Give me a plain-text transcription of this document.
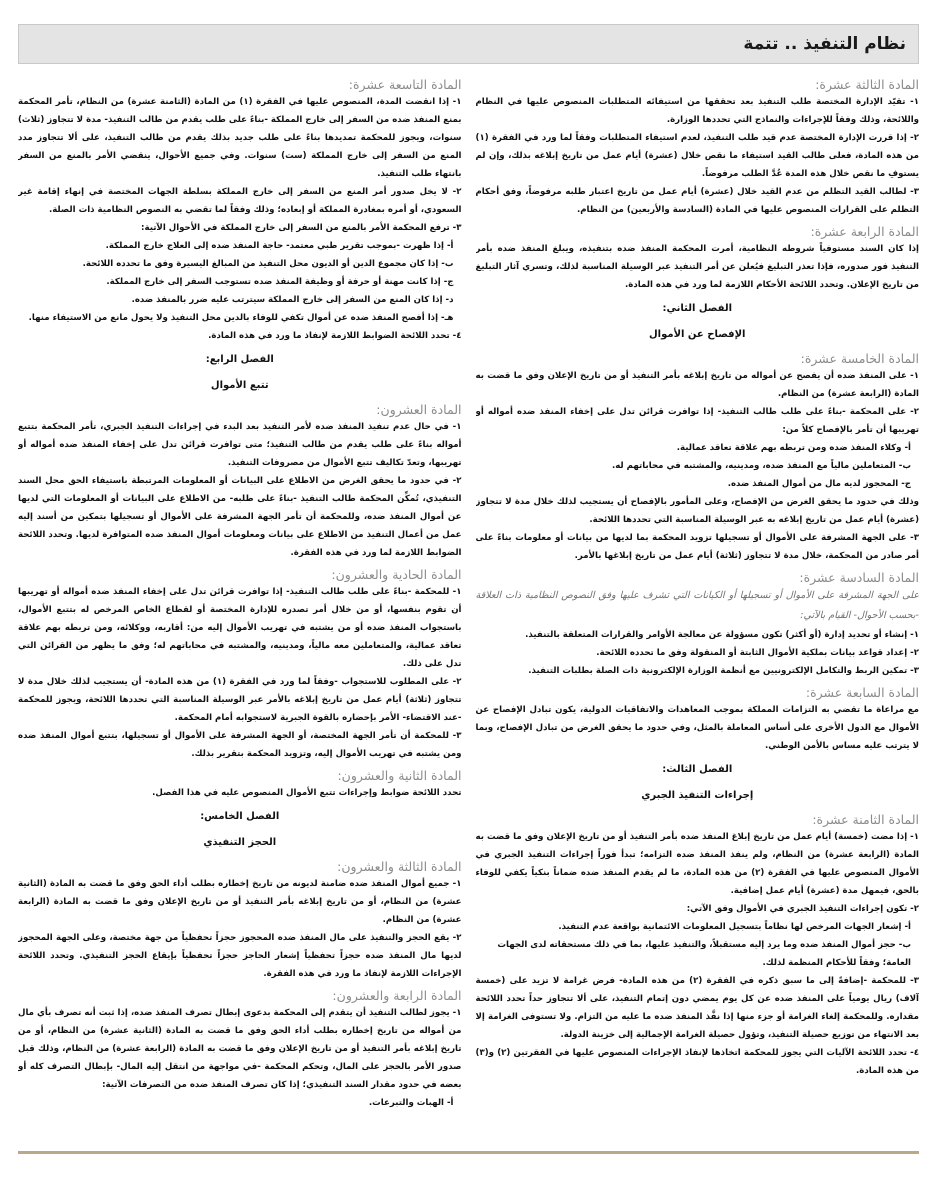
نظام التنفيذ .. تتمة
المادة الثالثة عشرة:

١- تقيّد الإدارة المختصة طلب التنفيذ بعد تحققها من استيفائه المتطلبات المنصوص عليها في النظام واللائحة، وذلك وفقاً للإجراءات والنماذج التي تحددها الوزارة.

٢- إذا قررت الإدارة المختصة عدم قيد طلب التنفيذ، لعدم استيفاء المتطلبات وفقاً لما ورد في الفقرة (١) من هذه المادة، فعلى طالب القيد استيفاء ما نقص خلال (عشرة) أيام عمل من تاريخ إبلاغه بذلك، وإن لم يستوفِ ما نقص خلال هذه المدة عُدَّ الطلب مرفوضاً.

٣- لطالب القيد التظلم من عدم القيد خلال (عشرة) أيام عمل من تاريخ اعتبار طلبه مرفوضاً، وفق أحكام التظلم على القرارات المنصوص عليها في المادة (السادسة والأربعين) من النظام.

المادة الرابعة عشرة:

إذا كان السند مستوفياً شروطه النظامية، أمرت المحكمة المنفذ ضده بتنفيذه، ويبلغ المنفذ ضده بأمر التنفيذ فور صدوره، فإذا تعذر التبليغ فيُعلن عن أمر التنفيذ عبر الوسيلة المناسبة لذلك، وتسري آثار التبليغ من تاريخ الإعلان. وتحدد اللائحة الأحكام اللازمة لما ورد في هذه المادة.

الفصل الثاني:
الإفصاح عن الأموال
المادة الخامسة عشرة:

١- على المنفذ ضده أن يفصح عن أمواله من تاريخ إبلاغه بأمر التنفيذ أو من تاريخ الإعلان وفق ما قضت به المادة (الرابعة عشرة) من النظام.

٢- على المحكمة -بناءً على طلب طالب التنفيذ- إذا توافرت قرائن تدل على إخفاء المنفذ ضده أمواله أو تهريبها أن تأمر بالإفصاح كلاً من:

أ- وكلاء المنفذ ضده ومن تربطه بهم علاقة تعاقد عمالية.

ب- المتعاملين مالياً مع المنفذ ضده، ومدينيه، والمشتبه في محاباتهم له.

ج- المحجوز لديه مال من أموال المنفذ ضده.

وذلك في حدود ما يحقق الغرض من الإفصاح، وعلى المأمور بالإفصاح أن يستجيب لذلك خلال مدة لا تتجاوز (عشرة) أيام عمل من تاريخ إبلاغه به عبر الوسيلة المناسبة التي تحددها اللائحة.

٣- على الجهة المشرفة على الأموال أو تسجيلها تزويد المحكمة بما لديها من بيانات أو معلومات بناءً على أمر صادر من المحكمة، خلال مدة لا تتجاوز (ثلاثة) أيام عمل من تاريخ إبلاغها بالأمر.

المادة السادسة عشرة:

على الجهة المشرفة على الأموال أو تسجيلها أو الكيانات التي تشرف عليها وفق النصوص النظامية ذات العلاقة -بحسب الأحوال- القيام بالآتي:

١- إنشاء أو تحديد إدارة (أو أكثر) تكون مسؤولة عن معالجة الأوامر والقرارات المتعلقة بالتنفيذ.

٢- إعداد قواعد بيانات بملكية الأموال الثابتة أو المنقولة وفق ما تحدده اللائحة.

٣- تمكين الربط والتكامل الإلكترونيين مع أنظمة الوزارة الإلكترونية ذات الصلة بطلبات التنفيذ.

المادة السابعة عشرة:

مع مراعاة ما تقضي به التزامات المملكة بموجب المعاهدات والاتفاقيات الدولية، يكون تبادل الإفصاح عن الأموال مع الدول الأخرى على أساس المعاملة بالمثل، وفي حدود ما يحقق الغرض من تبادل الإفصاح، وبما لا يترتب عليه مساس بالأمن الوطني.

الفصل الثالث:
إجراءات التنفيذ الجبري
المادة الثامنة عشرة:

١- إذا مضت (خمسة) أيام عمل من تاريخ إبلاغ المنفذ ضده بأمر التنفيذ أو من تاريخ الإعلان وفق ما قضت به المادة (الرابعة عشرة) من النظام، ولم ينفذ المنفذ ضده التزامه؛ تبدأ فوراً إجراءات التنفيذ الجبري في الأموال المنصوص عليها في الفقرة (٢) من هذه المادة، ما لم يقدم المنفذ ضده ضماناً بنكياً يكفي للوفاء بالحق، فيمهل مدة (عشرة) أيام عمل إضافية.

٢- تكون إجراءات التنفيذ الجبري في الأموال وفق الآتي:

أ- إشعار الجهات المرخص لها نظاماً بتسجيل المعلومات الائتمانية بواقعة عدم التنفيذ.

ب- حجز أموال المنفذ ضده وما يرد إليه مستقبلاً، والتنفيذ عليها، بما في ذلك مستحقاته لدى الجهات العامة؛ وفقاً للأحكام المنظمة لذلك.

٣- للمحكمة -إضافةً إلى ما سبق ذكره في الفقرة (٢) من هذه المادة- فرض غرامة لا تزيد على (خمسة آلاف) ريال يومياً على المنفذ ضده عن كل يوم يمضي دون إتمام التنفيذ، على ألا تتجاوز حداً تحدد اللائحة مقداره. وللمحكمة إلغاء الغرامة أو جزء منها إذا نفَّذ المنفذ ضده ما عليه من التزام. ولا تستوفى الغرامة إلا بعد الانتهاء من توزيع حصيلة التنفيذ، وتؤول حصيلة الغرامة الإجمالية إلى خزينة الدولة.

٤- تحدد اللائحة الآليات التي يجوز للمحكمة اتخاذها لإنفاذ الإجراءات المنصوص عليها في الفقرتين (٢) و(٣) من هذه المادة.

المادة التاسعة عشرة:

١- إذا انقضت المدة، المنصوص عليها في الفقرة (١) من المادة (الثامنة عشرة) من النظام، تأمر المحكمة بمنع المنفذ ضده من السفر إلى خارج المملكة -بناءً على طلب يقدم من طالب التنفيذ- مدة لا تتجاوز (ثلاث) سنوات، ويجوز للمحكمة تمديدها بناءً على طلب جديد بذلك يقدم من طالب التنفيذ، على ألا تتجاوز مدد المنع من السفر إلى خارج المملكة (ست) سنوات. وفي جميع الأحوال، ينقضي الأمر بالمنع من السفر بانتهاء طلب التنفيذ.

٢- لا يخل صدور أمر المنع من السفر إلى خارج المملكة بسلطة الجهات المختصة في إنهاء إقامة غير السعودي، أو أمره بمغادرة المملكة أو إبعاده؛ وذلك وفقاً لما تقضي به النصوص النظامية ذات الصلة.

٣- ترفع المحكمة الأمر بالمنع من السفر إلى خارج المملكة في الأحوال الآتية:

أ- إذا ظهرت -بموجب تقرير طبي معتمد- حاجة المنفذ ضده إلى العلاج خارج المملكة.

ب- إذا كان مجموع الدين أو الديون محل التنفيذ من المبالغ اليسيرة وفق ما تحدده اللائحة.

ج- إذا كانت مهنة أو حرفة أو وظيفة المنفذ ضده تستوجب السفر إلى خارج المملكة.

د- إذا كان المنع من السفر إلى خارج المملكة سيترتب عليه ضرر بالمنفذ ضده.

هـ- إذا أفصح المنفذ ضده عن أموال تكفي للوفاء بالدين محل التنفيذ ولا يحول مانع من الاستيفاء منها.

٤- تحدد اللائحة الضوابط اللازمة لإنفاذ ما ورد في هذه المادة.

الفصل الرابع:
تتبع الأموال
المادة العشرون:

١- في حال عدم تنفيذ المنفذ ضده لأمر التنفيذ بعد البدء في إجراءات التنفيذ الجبري، تأمر المحكمة بتتبع أمواله بناءً على طلب يقدم من طالب التنفيذ؛ متى توافرت قرائن تدل على إخفاء المنفذ ضده أمواله أو تهريبها، وتعدّ تكاليف تتبع الأموال من مصروفات التنفيذ.

٢- في حدود ما يحقق الغرض من الاطلاع على البيانات أو المعلومات المرتبطة باستيفاء الحق محل السند التنفيذي، تُمكِّن المحكمة طالب التنفيذ -بناءً على طلبه- من الاطلاع على البيانات أو المعلومات التي لديها عن أموال المنفذ ضده، وللمحكمة أن تأمر الجهة المشرفة على الأموال أو تسجيلها بتمكين من أسند إليه عمل من أعمال التنفيذ من الاطلاع على بيانات ومعلومات أموال المنفذ ضده المتوافرة لديها. وتحدد اللائحة الضوابط اللازمة لما ورد في هذه الفقرة.

المادة الحادية والعشرون:

١- للمحكمة -بناءً على طلب طالب التنفيذ- إذا توافرت قرائن تدل على إخفاء المنفذ ضده أمواله أو تهريبها أن تقوم بنفسها، أو من خلال أمر تصدره للإدارة المختصة أو لقطاع الخاص المرخص له بتتبع الأموال، باستجواب المنفذ ضده أو من يشتبه في تهريب الأموال إليه من: أقاربه، ووكلائه، ومن تربطه بهم علاقة تعاقد عمالية، والمتعاملين معه مالياً، ومدينيه، والمشتبه في محاباتهم له؛ وفق ما يظهر من القرائن التي تدل على ذلك.

٢- على المطلوب للاستجواب -وفقاً لما ورد في الفقرة (١) من هذه المادة- أن يستجيب لذلك خلال مدة لا تتجاوز (ثلاثة) أيام عمل من تاريخ إبلاغه بالأمر عبر الوسيلة المناسبة التي تحددها اللائحة، ويجوز للمحكمة -عند الاقتضاء- الأمر بإحضاره بالقوة الجبرية لاستجوابه أمام المحكمة.

٣- للمحكمة أن تأمر الجهة المختصة، أو الجهة المشرفة على الأموال أو تسجيلها، بتتبع أموال المنفذ ضده ومن يشتبه في تهريب الأموال إليه، وتزويد المحكمة بتقرير بذلك.

المادة الثانية والعشرون:

تحدد اللائحة ضوابط وإجراءات تتبع الأموال المنصوص عليه في هذا الفصل.

الفصل الخامس:
الحجز التنفيذي
المادة الثالثة والعشرون:

١- جميع أموال المنفذ ضده ضامنة لديونه من تاريخ إخطاره بطلب أداء الحق وفق ما قضت به المادة (الثانية عشرة) من النظام، أو من تاريخ إبلاغه بأمر التنفيذ أو من تاريخ الإعلان وفق ما قضت به المادة (الرابعة عشرة) من النظام.

٢- يقع الحجز والتنفيذ على مال المنفذ ضده المحجوز حجزاً تحفظياً من جهة مختصة، وعلى الجهة المحجوز لديها مال المنفذ ضده حجزاً تحفظياً إشعار الحاجز حجزاً تحفظياً بإيقاع الحجز التنفيذي. وتحدد اللائحة الإجراءات اللازمة لإنفاذ ما ورد في هذه الفقرة.

المادة الرابعة والعشرون:

١- يجوز لطالب التنفيذ أن يتقدم إلى المحكمة بدعوى إبطال تصرف المنفذ ضده، إذا ثبت أنه تصرف بأي مال من أمواله من تاريخ إخطاره بطلب أداء الحق وفق ما قضت به المادة (الثانية عشرة) من النظام، أو من تاريخ إبلاغه بأمر التنفيذ أو من تاريخ الإعلان وفق ما قضت به المادة (الرابعة عشرة) من النظام، وذلك قبل صدور الأمر بالحجز على المال، وتحكم المحكمة -في مواجهة من انتقل إليه المال- بإبطال التصرف كله أو بعضه في حدود مقدار السند التنفيذي؛ إذا كان تصرف المنفذ ضده من التصرفات الآتية:

أ- الهبات والتبرعات.
